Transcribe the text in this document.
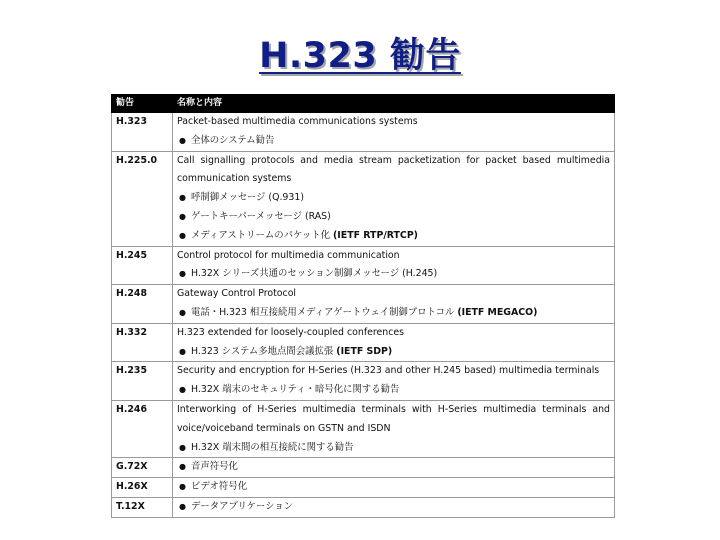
H.323 勧告
勧告	名称と内容
H.323	Packet-based multimedia communications systems
● 全体のシステム勧告

H.225.0	Call signalling protocols and media stream packetization for packet based multimedia
communication systems
● 呼制御メッセージ (Q.931)
● ゲートキーパーメッセージ (RAS)
● メディアストリームのパケット化 (IETF RTP/RTCP)

H.245	Control protocol for multimedia communication
● H.32X シリーズ共通のセッション制御メッセージ (H.245)

H.248	Gateway Control Protocol
● 電話・H.323 相互接続用メディアゲートウェイ制御プロトコル (IETF MEGACO)

H.332	H.323 extended for loosely-coupled conferences
● H.323 システム多地点間会議拡張 (IETF SDP)

H.235	Security and encryption for H-Series (H.323 and other H.245 based) multimedia terminals
● H.32X 端末のセキュリティ・暗号化に関する勧告

H.246	Interworking of H-Series multimedia terminals with H-Series multimedia terminals and
voice/voiceband terminals on GSTN and ISDN
● H.32X 端末間の相互接続に関する勧告

G.72X	● 音声符号化

H.26X	● ビデオ符号化

T.12X	● データアプリケーション
